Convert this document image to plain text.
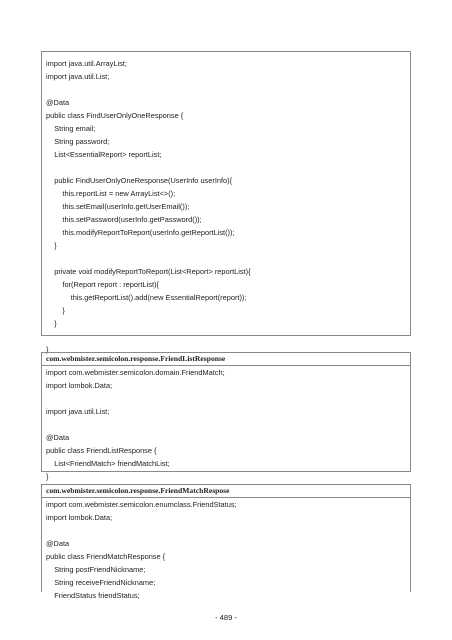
import java.util.ArrayList;
import java.util.List;
@Data
public class FindUserOnlyOneResponse {
String email;
String password;
List<EssentialReport> reportList;
public FindUserOnlyOneResponse(UserInfo userInfo){
this.reportList = new ArrayList<>();
this.setEmail(userInfo.getUserEmail());
this.setPassword(userInfo.getPassword());
this.modifyReportToReport(userInfo.getReportList());
}
private void modifyReportToReport(List<Report> reportList){
for(Report report : reportList){
this.getReportList().add(new EssentialReport(report));
}
}
}
com.webmister.semicolon.response.FriendListResponse
import com.webmister.semicolon.domain.FriendMatch;
import lombok.Data;
import java.util.List;
@Data
public class FriendListResponse {
List<FriendMatch> friendMatchList;
}
com.webmister.semicolon.response.FriendMatchRespose
import com.webmister.semicolon.enumclass.FriendStatus;
import lombok.Data;
@Data
public class FriendMatchResponse {
String postFriendNickname;
String receiveFriendNickname;
FriendStatus friendStatus;
- 489 -
